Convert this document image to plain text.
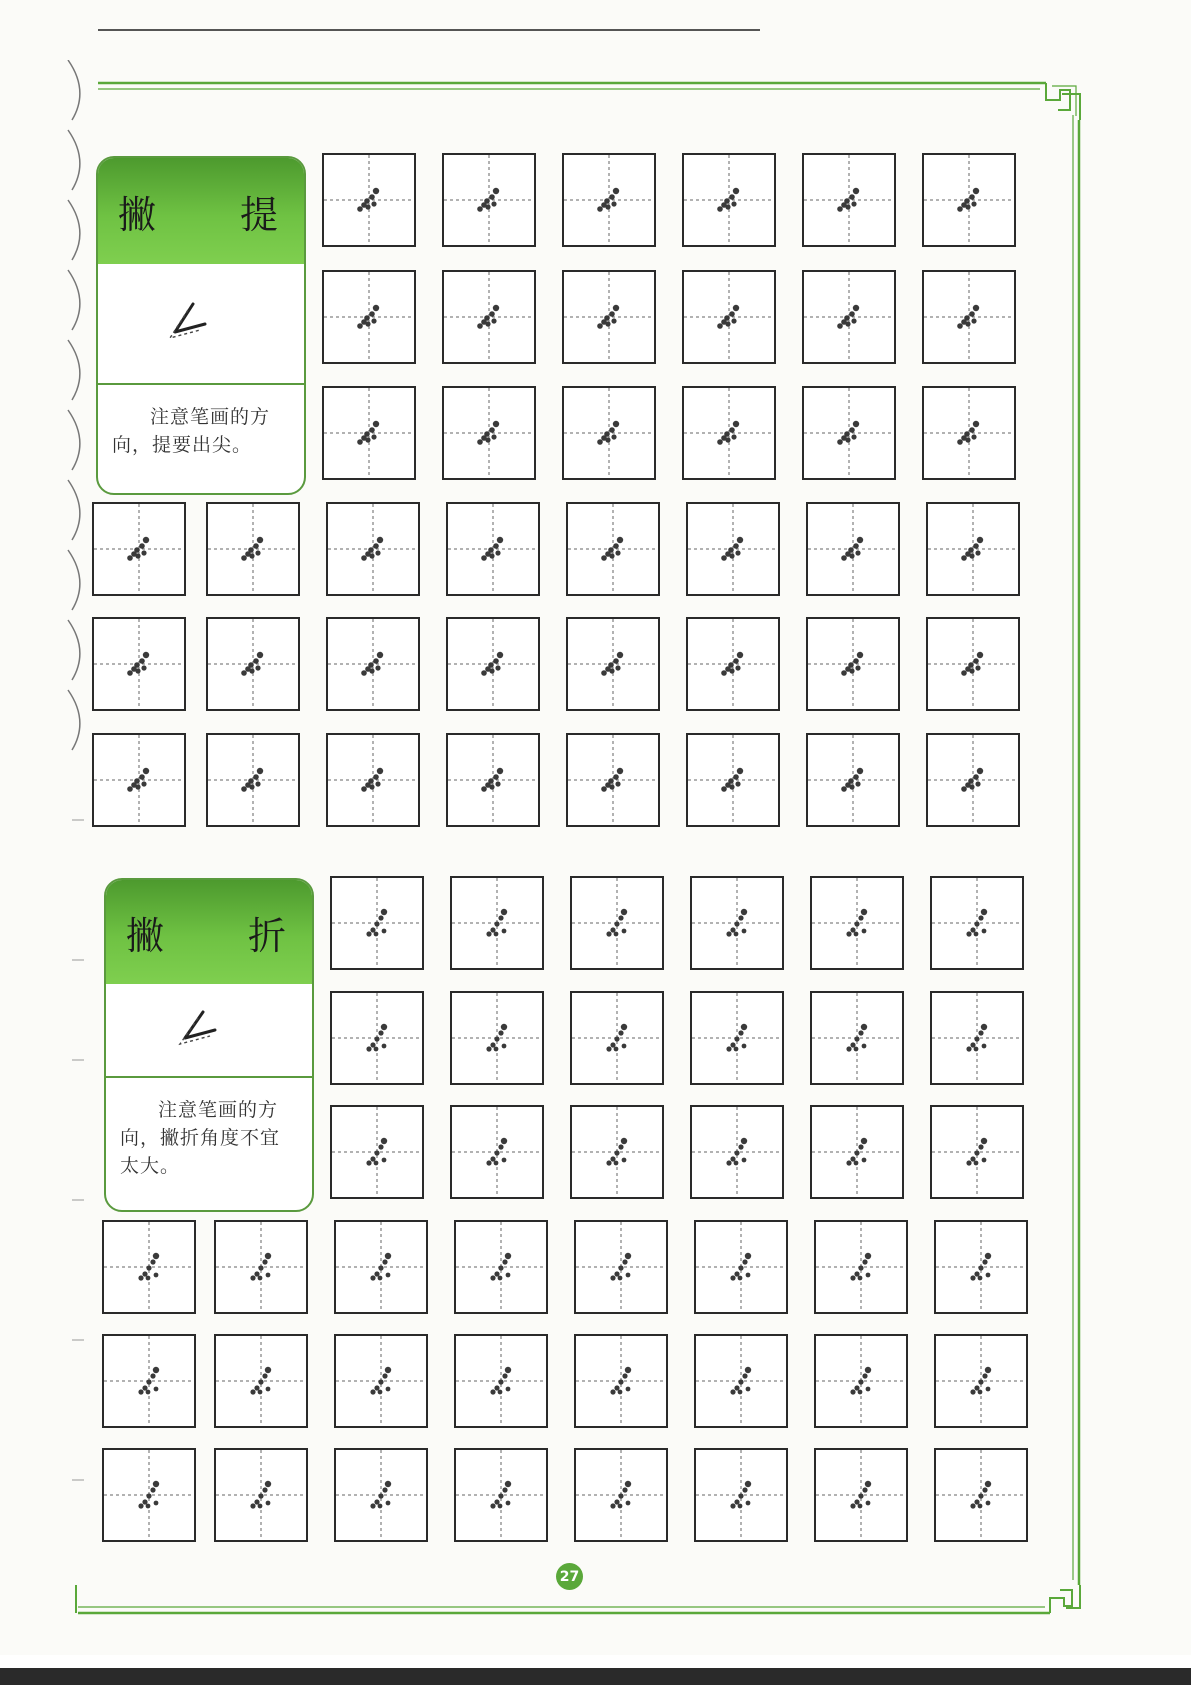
撇 提
注意笔画的方向，提要出尖。
撇 折
注意笔画的方向，撇折角度不宜太大。
27
